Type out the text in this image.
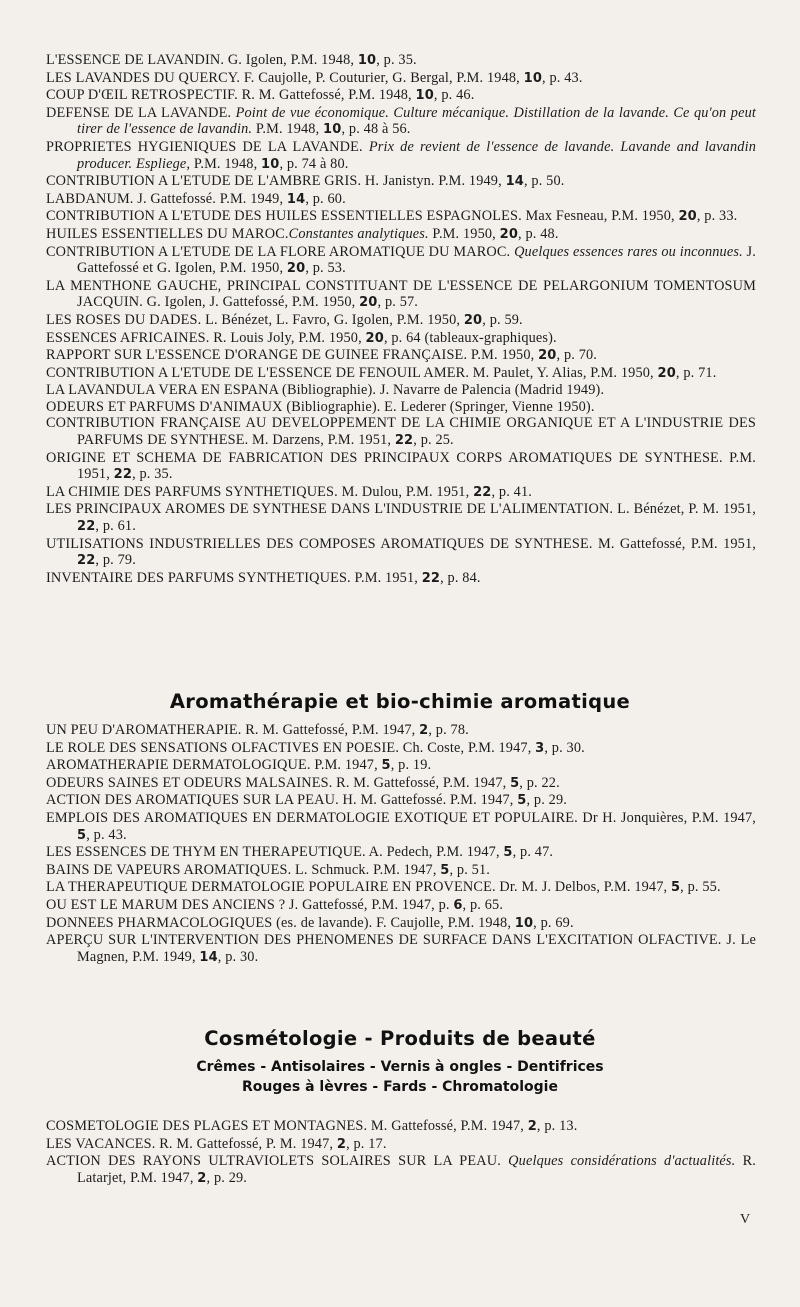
L'ESSENCE DE LAVANDIN. G. Igolen, P.M. 1948, 10, p. 35.
LES LAVANDES DU QUERCY. F. Caujolle, P. Couturier, G. Bergal, P.M. 1948, 10, p. 43.
COUP D'ŒIL RETROSPECTIF. R. M. Gattefossé, P.M. 1948, 10, p. 46.
DEFENSE DE LA LAVANDE. Point de vue économique. Culture mécanique. Distillation de la lavande. Ce qu'on peut tirer de l'essence de lavandin. P.M. 1948, 10, p. 48 à 56.
PROPRIETES HYGIENIQUES DE LA LAVANDE. Prix de revient de l'essence de lavande. Lavande and lavandin producer. Espliege, P.M. 1948, 10, p. 74 à 80.
CONTRIBUTION A L'ETUDE DE L'AMBRE GRIS. H. Janistyn. P.M. 1949, 14, p. 50.
LABDANUM. J. Gattefossé. P.M. 1949, 14, p. 60.
CONTRIBUTION A L'ETUDE DES HUILES ESSENTIELLES ESPAGNOLES. Max Fesneau, P.M. 1950, 20, p. 33.
HUILES ESSENTIELLES DU MAROC.Constantes analytiques. P.M. 1950, 20, p. 48.
CONTRIBUTION A L'ETUDE DE LA FLORE AROMATIQUE DU MAROC. Quelques essences rares ou inconnues. J. Gattefossé et G. Igolen, P.M. 1950, 20, p. 53.
LA MENTHONE GAUCHE, PRINCIPAL CONSTITUANT DE L'ESSENCE DE PELARGONIUM TOMENTOSUM JACQUIN. G. Igolen, J. Gattefossé, P.M. 1950, 20, p. 57.
LES ROSES DU DADES. L. Bénézet, L. Favro, G. Igolen, P.M. 1950, 20, p. 59.
ESSENCES AFRICAINES. R. Louis Joly, P.M. 1950, 20, p. 64 (tableaux-graphiques).
RAPPORT SUR L'ESSENCE D'ORANGE DE GUINEE FRANÇAISE. P.M. 1950, 20, p. 70.
CONTRIBUTION A L'ETUDE DE L'ESSENCE DE FENOUIL AMER. M. Paulet, Y. Alias, P.M. 1950, 20, p. 71.
LA LAVANDULA VERA EN ESPANA (Bibliographie). J. Navarre de Palencia (Madrid 1949).
ODEURS ET PARFUMS D'ANIMAUX (Bibliographie). E. Lederer (Springer, Vienne 1950).
CONTRIBUTION FRANÇAISE AU DEVELOPPEMENT DE LA CHIMIE ORGANIQUE ET A L'INDUSTRIE DES PARFUMS DE SYNTHESE. M. Darzens, P.M. 1951, 22, p. 25.
ORIGINE ET SCHEMA DE FABRICATION DES PRINCIPAUX CORPS AROMATIQUES DE SYNTHESE. P.M. 1951, 22, p. 35.
LA CHIMIE DES PARFUMS SYNTHETIQUES. M. Dulou, P.M. 1951, 22, p. 41.
LES PRINCIPAUX AROMES DE SYNTHESE DANS L'INDUSTRIE DE L'ALIMENTATION. L. Bénézet, P. M. 1951, 22, p. 61.
UTILISATIONS INDUSTRIELLES DES COMPOSES AROMATIQUES DE SYNTHESE. M. Gattefossé, P.M. 1951, 22, p. 79.
INVENTAIRE DES PARFUMS SYNTHETIQUES. P.M. 1951, 22, p. 84.
Aromathérapie et bio-chimie aromatique
UN PEU D'AROMATHERAPIE. R. M. Gattefossé, P.M. 1947, 2, p. 78.
LE ROLE DES SENSATIONS OLFACTIVES EN POESIE. Ch. Coste, P.M. 1947, 3, p. 30.
AROMATHERAPIE DERMATOLOGIQUE. P.M. 1947, 5, p. 19.
ODEURS SAINES ET ODEURS MALSAINES. R. M. Gattefossé, P.M. 1947, 5, p. 22.
ACTION DES AROMATIQUES SUR LA PEAU. H. M. Gattefossé. P.M. 1947, 5, p. 29.
EMPLOIS DES AROMATIQUES EN DERMATOLOGIE EXOTIQUE ET POPULAIRE. Dr H. Jonquières, P.M. 1947, 5, p. 43.
LES ESSENCES DE THYM EN THERAPEUTIQUE. A. Pedech, P.M. 1947, 5, p. 47.
BAINS DE VAPEURS AROMATIQUES. L. Schmuck. P.M. 1947, 5, p. 51.
LA THERAPEUTIQUE DERMATOLOGIE POPULAIRE EN PROVENCE. Dr. M. J. Delbos, P.M. 1947, 5, p. 55.
OU EST LE MARUM DES ANCIENS ? J. Gattefossé, P.M. 1947, p. 6, p. 65.
DONNEES PHARMACOLOGIQUES (es. de lavande). F. Caujolle, P.M. 1948, 10, p. 69.
APERÇU SUR L'INTERVENTION DES PHENOMENES DE SURFACE DANS L'EXCITATION OLFACTIVE. J. Le Magnen, P.M. 1949, 14, p. 30.
Cosmétologie - Produits de beauté
Crêmes - Antisolaires - Vernis à ongles - Dentifrices
Rouges à lèvres - Fards - Chromatologie
COSMETOLOGIE DES PLAGES ET MONTAGNES. M. Gattefossé, P.M. 1947, 2, p. 13.
LES VACANCES. R. M. Gattefossé, P. M. 1947, 2, p. 17.
ACTION DES RAYONS ULTRAVIOLETS SOLAIRES SUR LA PEAU. Quelques considérations d'actualités. R. Latarjet, P.M. 1947, 2, p. 29.
V
